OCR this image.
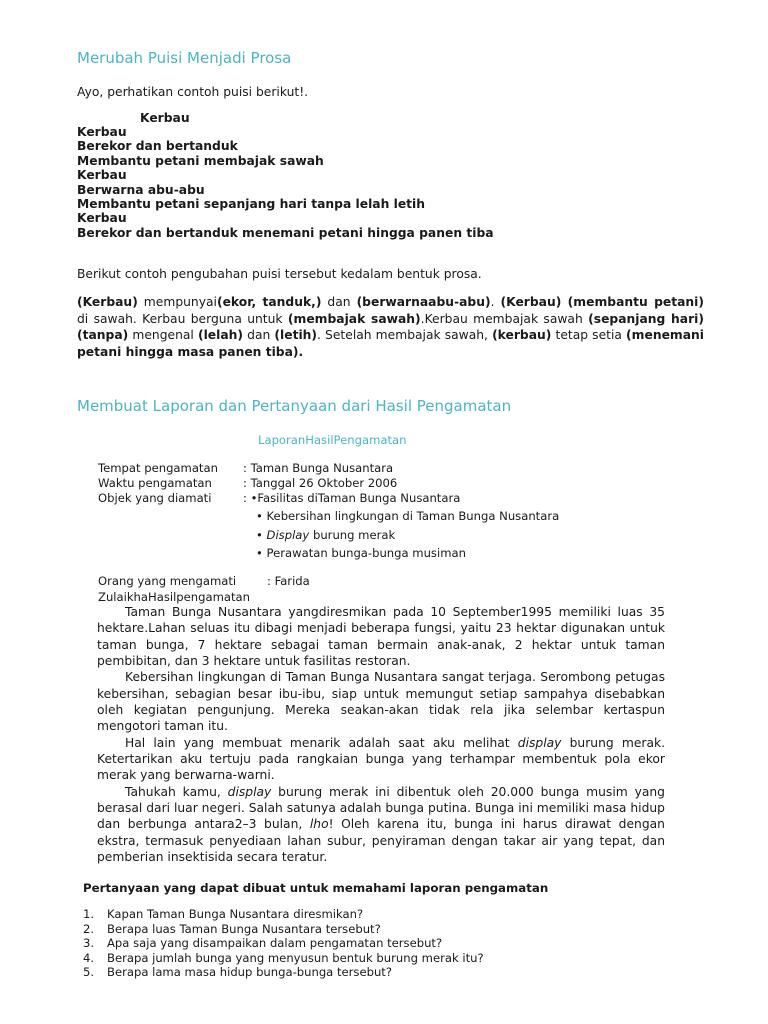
Merubah Puisi Menjadi Prosa
Ayo, perhatikan contoh puisi berikut!.
Kerbau
Kerbau
Berekor dan bertanduk
Membantu petani membajak sawah
Kerbau
Berwarna abu-abu
Membantu petani sepanjang hari tanpa lelah letih
Kerbau
Berekor dan bertanduk menemani petani hingga panen tiba
Berikut contoh pengubahan puisi tersebut kedalam bentuk prosa.
(Kerbau) mempunyai(ekor, tanduk,) dan (berwarnaabu-abu). (Kerbau) (membantu petani) di sawah. Kerbau berguna untuk (membajak sawah).Kerbau membajak sawah (sepanjang hari) (tanpa) mengenal (lelah) dan (letih). Setelah membajak sawah, (kerbau) tetap setia (menemani petani hingga masa panen tiba).
Membuat Laporan dan Pertanyaan dari Hasil Pengamatan
LaporanHasilPengamatan
Orang yang mengamati	: Farida
ZulaikhaHasilpengamatan

Taman Bunga Nusantara yangdiresmikan pada 10 September1995 memiliki luas 35 hektare.Lahan seluas itu dibagi menjadi beberapa fungsi, yaitu 23 hektar digunakan untuk taman bunga, 7 hektare sebagai taman bermain anak-anak, 2 hektar untuk taman pembibitan, dan 3 hektare untuk fasilitas restoran.

Kebersihan lingkungan di Taman Bunga Nusantara sangat terjaga. Serombong petugas kebersihan, sebagian besar ibu-ibu, siap untuk memungut setiap sampahya disebabkan oleh kegiatan pengunjung. Mereka seakan-akan tidak rela jika selembar kertaspun mengotori taman itu.

Hal lain yang membuat menarik adalah saat aku melihat display burung merak. Ketertarikan aku tertuju pada rangkaian bunga yang terhampar membentuk pola ekor merak yang berwarna-warni.

Tahukah kamu, display burung merak ini dibentuk oleh 20.000 bunga musim yang berasal dari luar negeri. Salah satunya adalah bunga putina. Bunga ini memiliki masa hidup dan berbunga antara2–3 bulan, lho! Oleh karena itu, bunga ini harus dirawat dengan ekstra, termasuk penyediaan lahan subur, penyiraman dengan takar air yang tepat, dan pemberian insektisida secara teratur.

Pertanyaan yang dapat dibuat untuk memahami laporan pengamatan
1. Kapan Taman Bunga Nusantara diresmikan?
2. Berapa luas Taman Bunga Nusantara tersebut?
3. Apa saja yang disampaikan dalam pengamatan tersebut?
4. Berapa jumlah bunga yang menyusun bentuk burung merak itu?
5. Berapa lama masa hidup bunga-bunga tersebut?
Tempat pengamatan : Taman Bunga Nusantara
Waktu pengamatan	: Tanggal 26 Oktober 2006
Objek yang diamati	: •Fasilitas diTaman Bunga Nusantara
• Kebersihan lingkungan di Taman Bunga Nusantara
• Display burung merak
• Perawatan bunga-bunga musiman
